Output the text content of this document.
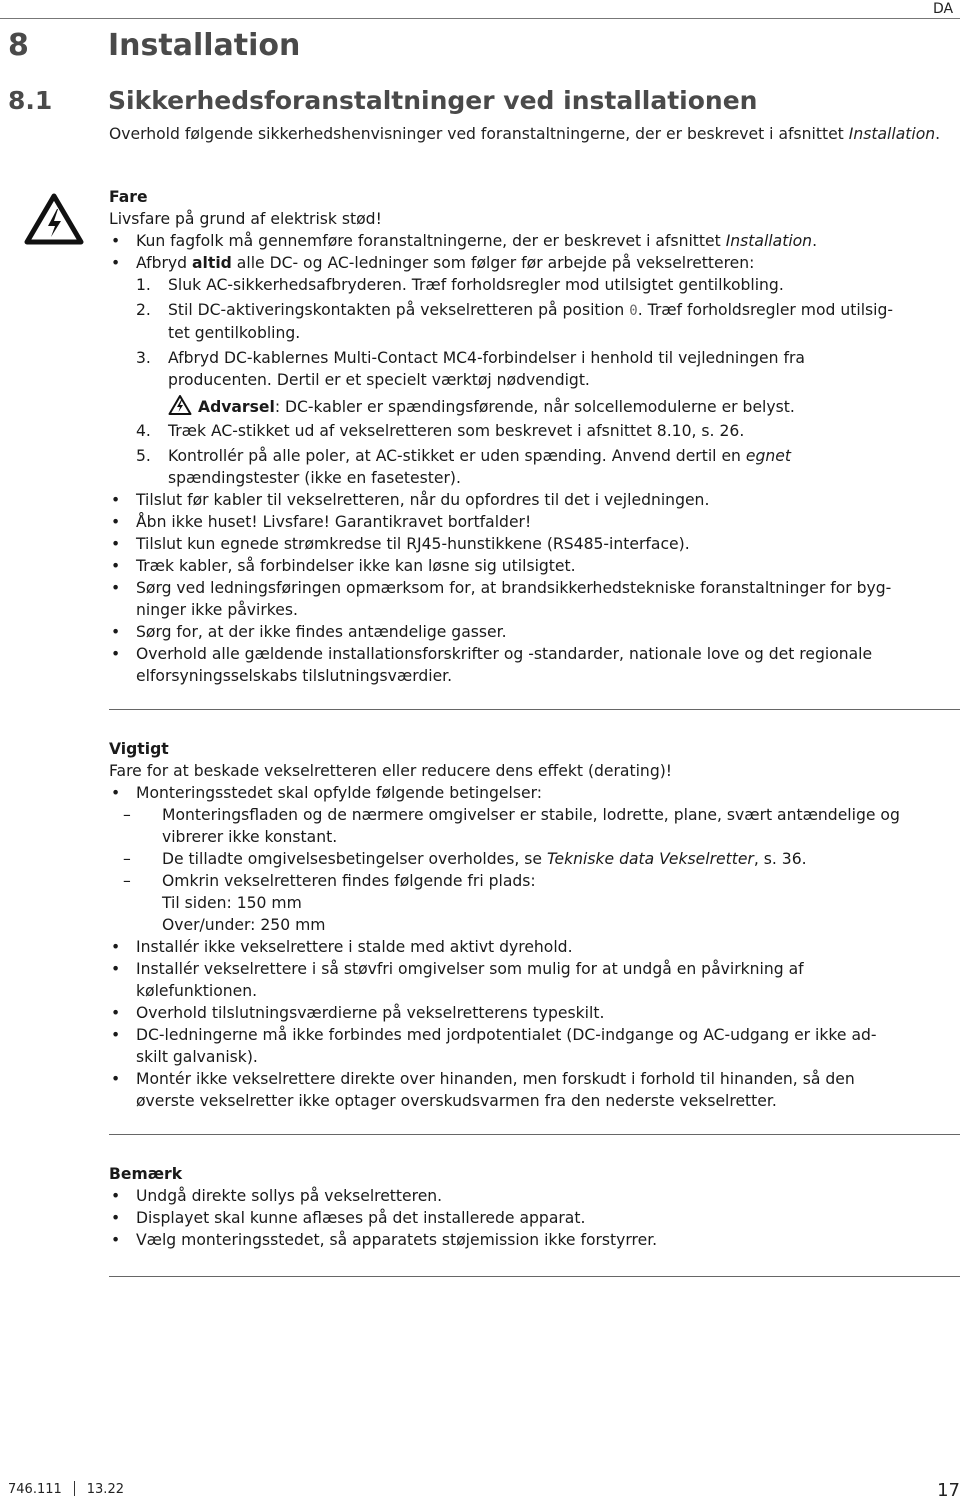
DA
8	Installation
8.1 Sikkerhedsforanstaltninger ved installationen
Overhold følgende sikkerhedshenvisninger ved foranstaltningerne, der er beskrevet i afsnittet Installation.
Fare
Livsfare på grund af elektrisk stød!
• Kun fagfolk må gennemføre foranstaltningerne, der er beskrevet i afsnittet Installation.
• Afbryd altid alle DC- og AC-ledninger som følger før arbejde på vekselretteren:
1. Sluk AC-sikkerhedsafbryderen. Træf forholdsregler mod utilsigtet gentilkobling.
2. Stil DC-aktiveringskontakten på vekselretteren på position 0. Træf forholdsregler mod utilsig-
tet gentilkobling.
3. Afbryd DC-kablernes Multi-Contact MC4-forbindelser i henhold til vejledningen fra
producenten. Dertil er et specielt værktøj nødvendigt.
Advarsel: DC-kabler er spændingsførende, når solcellemodulerne er belyst.
4. Træk AC-stikket ud af vekselretteren som beskrevet i afsnittet 8.10, s. 26.
5. Kontrollér på alle poler, at AC-stikket er uden spænding. Anvend dertil en egnet
spændingstester (ikke en fasetester).
• Tilslut før kabler til vekselretteren, når du opfordres til det i vejledningen.
• Åbn ikke huset! Livsfare! Garantikravet bortfalder!
• Tilslut kun egnede strømkredse til RJ45-hunstikkene (RS485-interface).
• Træk kabler, så forbindelser ikke kan løsne sig utilsigtet.
• Sørg ved ledningsføringen opmærksom for, at brandsikkerhedstekniske foranstaltninger for byg-
ninger ikke påvirkes.
• Sørg for, at der ikke findes antændelige gasser.
• Overhold alle gældende installationsforskrifter og -standarder, nationale love og det regionale
elforsyningsselskabs tilslutningsværdier.
Vigtigt
Fare for at beskade vekselretteren eller reducere dens effekt (derating)!
• Monteringsstedet skal opfylde følgende betingelser:
– Monteringsfladen og de nærmere omgivelser er stabile, lodrette, plane, svært antændelige og
vibrerer ikke konstant.
– De tilladte omgivelsesbetingelser overholdes, se Tekniske data Vekselretter, s. 36.
– Omkrin vekselretteren findes følgende fri plads:
Til siden: 150 mm
Over/under: 250 mm
• Installér ikke vekselrettere i stalde med aktivt dyrehold.
• Installér vekselrettere i så støvfri omgivelser som mulig for at undgå en påvirkning af
kølefunktionen.
• Overhold tilslutningsværdierne på vekselretterens typeskilt.
• DC-ledningerne må ikke forbindes med jordpotentialet (DC-indgange og AC-udgang er ikke ad-
skilt galvanisk).
• Montér ikke vekselrettere direkte over hinanden, men forskudt i forhold til hinanden, så den
øverste vekselretter ikke optager overskudsvarmen fra den nederste vekselretter.
Bemærk
• Undgå direkte sollys på vekselretteren.
• Displayet skal kunne aflæses på det installerede apparat.
• Vælg monteringsstedet, så apparatets støjemission ikke forstyrrer.
746.111 13.22	17
